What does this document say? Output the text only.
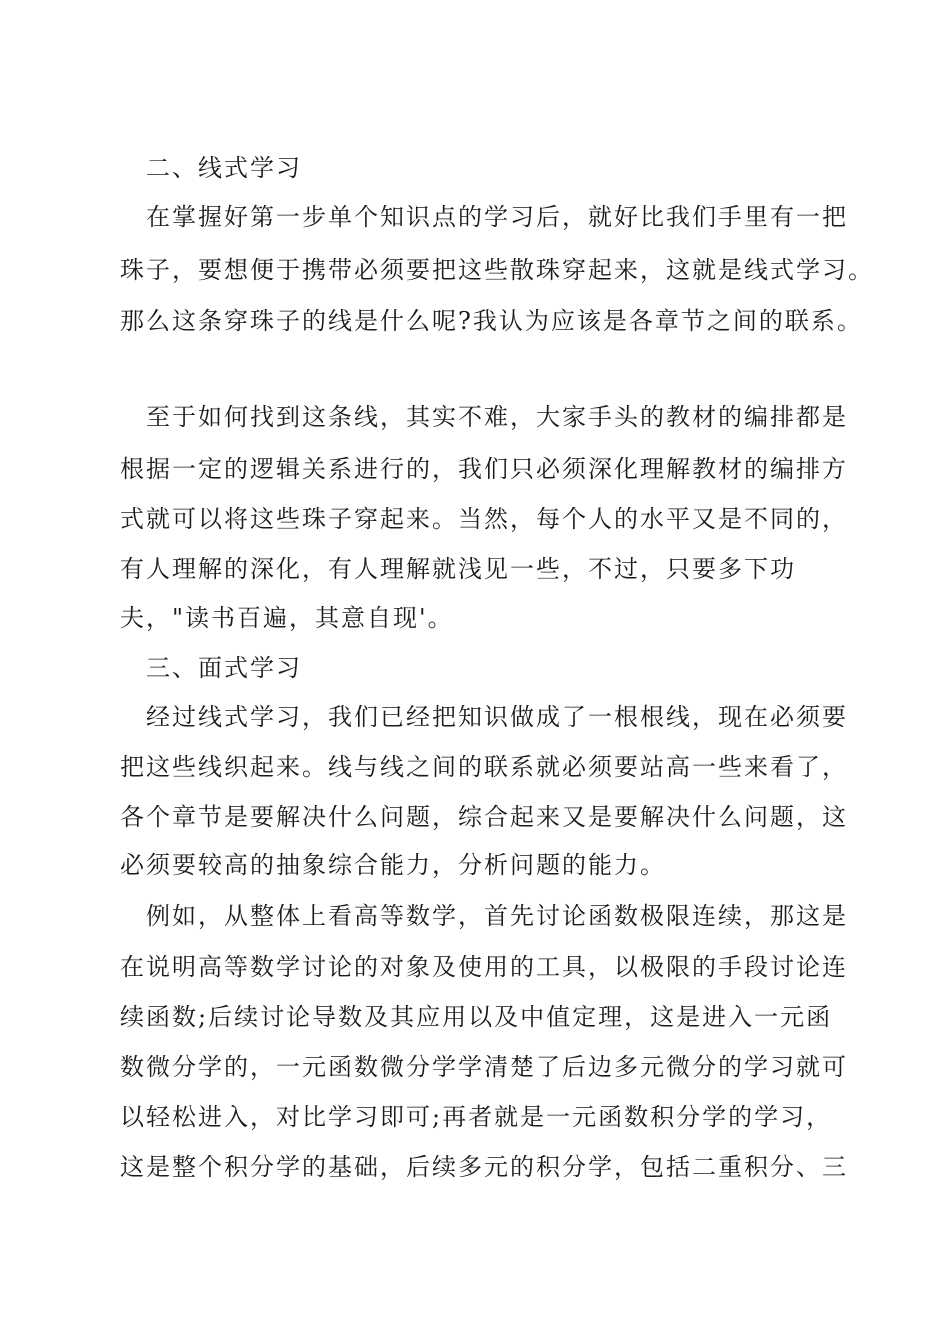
二、线式学习
在掌握好第一步单个知识点的学习后，就好比我们手里有一把
珠子，要想便于携带必须要把这些散珠穿起来，这就是线式学习。
那么这条穿珠子的线是什么呢?我认为应该是各章节之间的联系。
至于如何找到这条线，其实不难，大家手头的教材的编排都是
根据一定的逻辑关系进行的，我们只必须深化理解教材的编排方
式就可以将这些珠子穿起来。当然，每个人的水平又是不同的，
有人理解的深化，有人理解就浅见一些，不过，只要多下功
夫，"读书百遍，其意自现'。
三、面式学习
经过线式学习，我们已经把知识做成了一根根线，现在必须要
把这些线织起来。线与线之间的联系就必须要站高一些来看了，
各个章节是要解决什么问题，综合起来又是要解决什么问题，这
必须要较高的抽象综合能力，分析问题的能力。
例如，从整体上看高等数学，首先讨论函数极限连续，那这是
在说明高等数学讨论的对象及使用的工具，以极限的手段讨论连
续函数;后续讨论导数及其应用以及中值定理，这是进入一元函
数微分学的，一元函数微分学学清楚了后边多元微分的学习就可
以轻松进入，对比学习即可;再者就是一元函数积分学的学习，
这是整个积分学的基础，后续多元的积分学，包括二重积分、三
